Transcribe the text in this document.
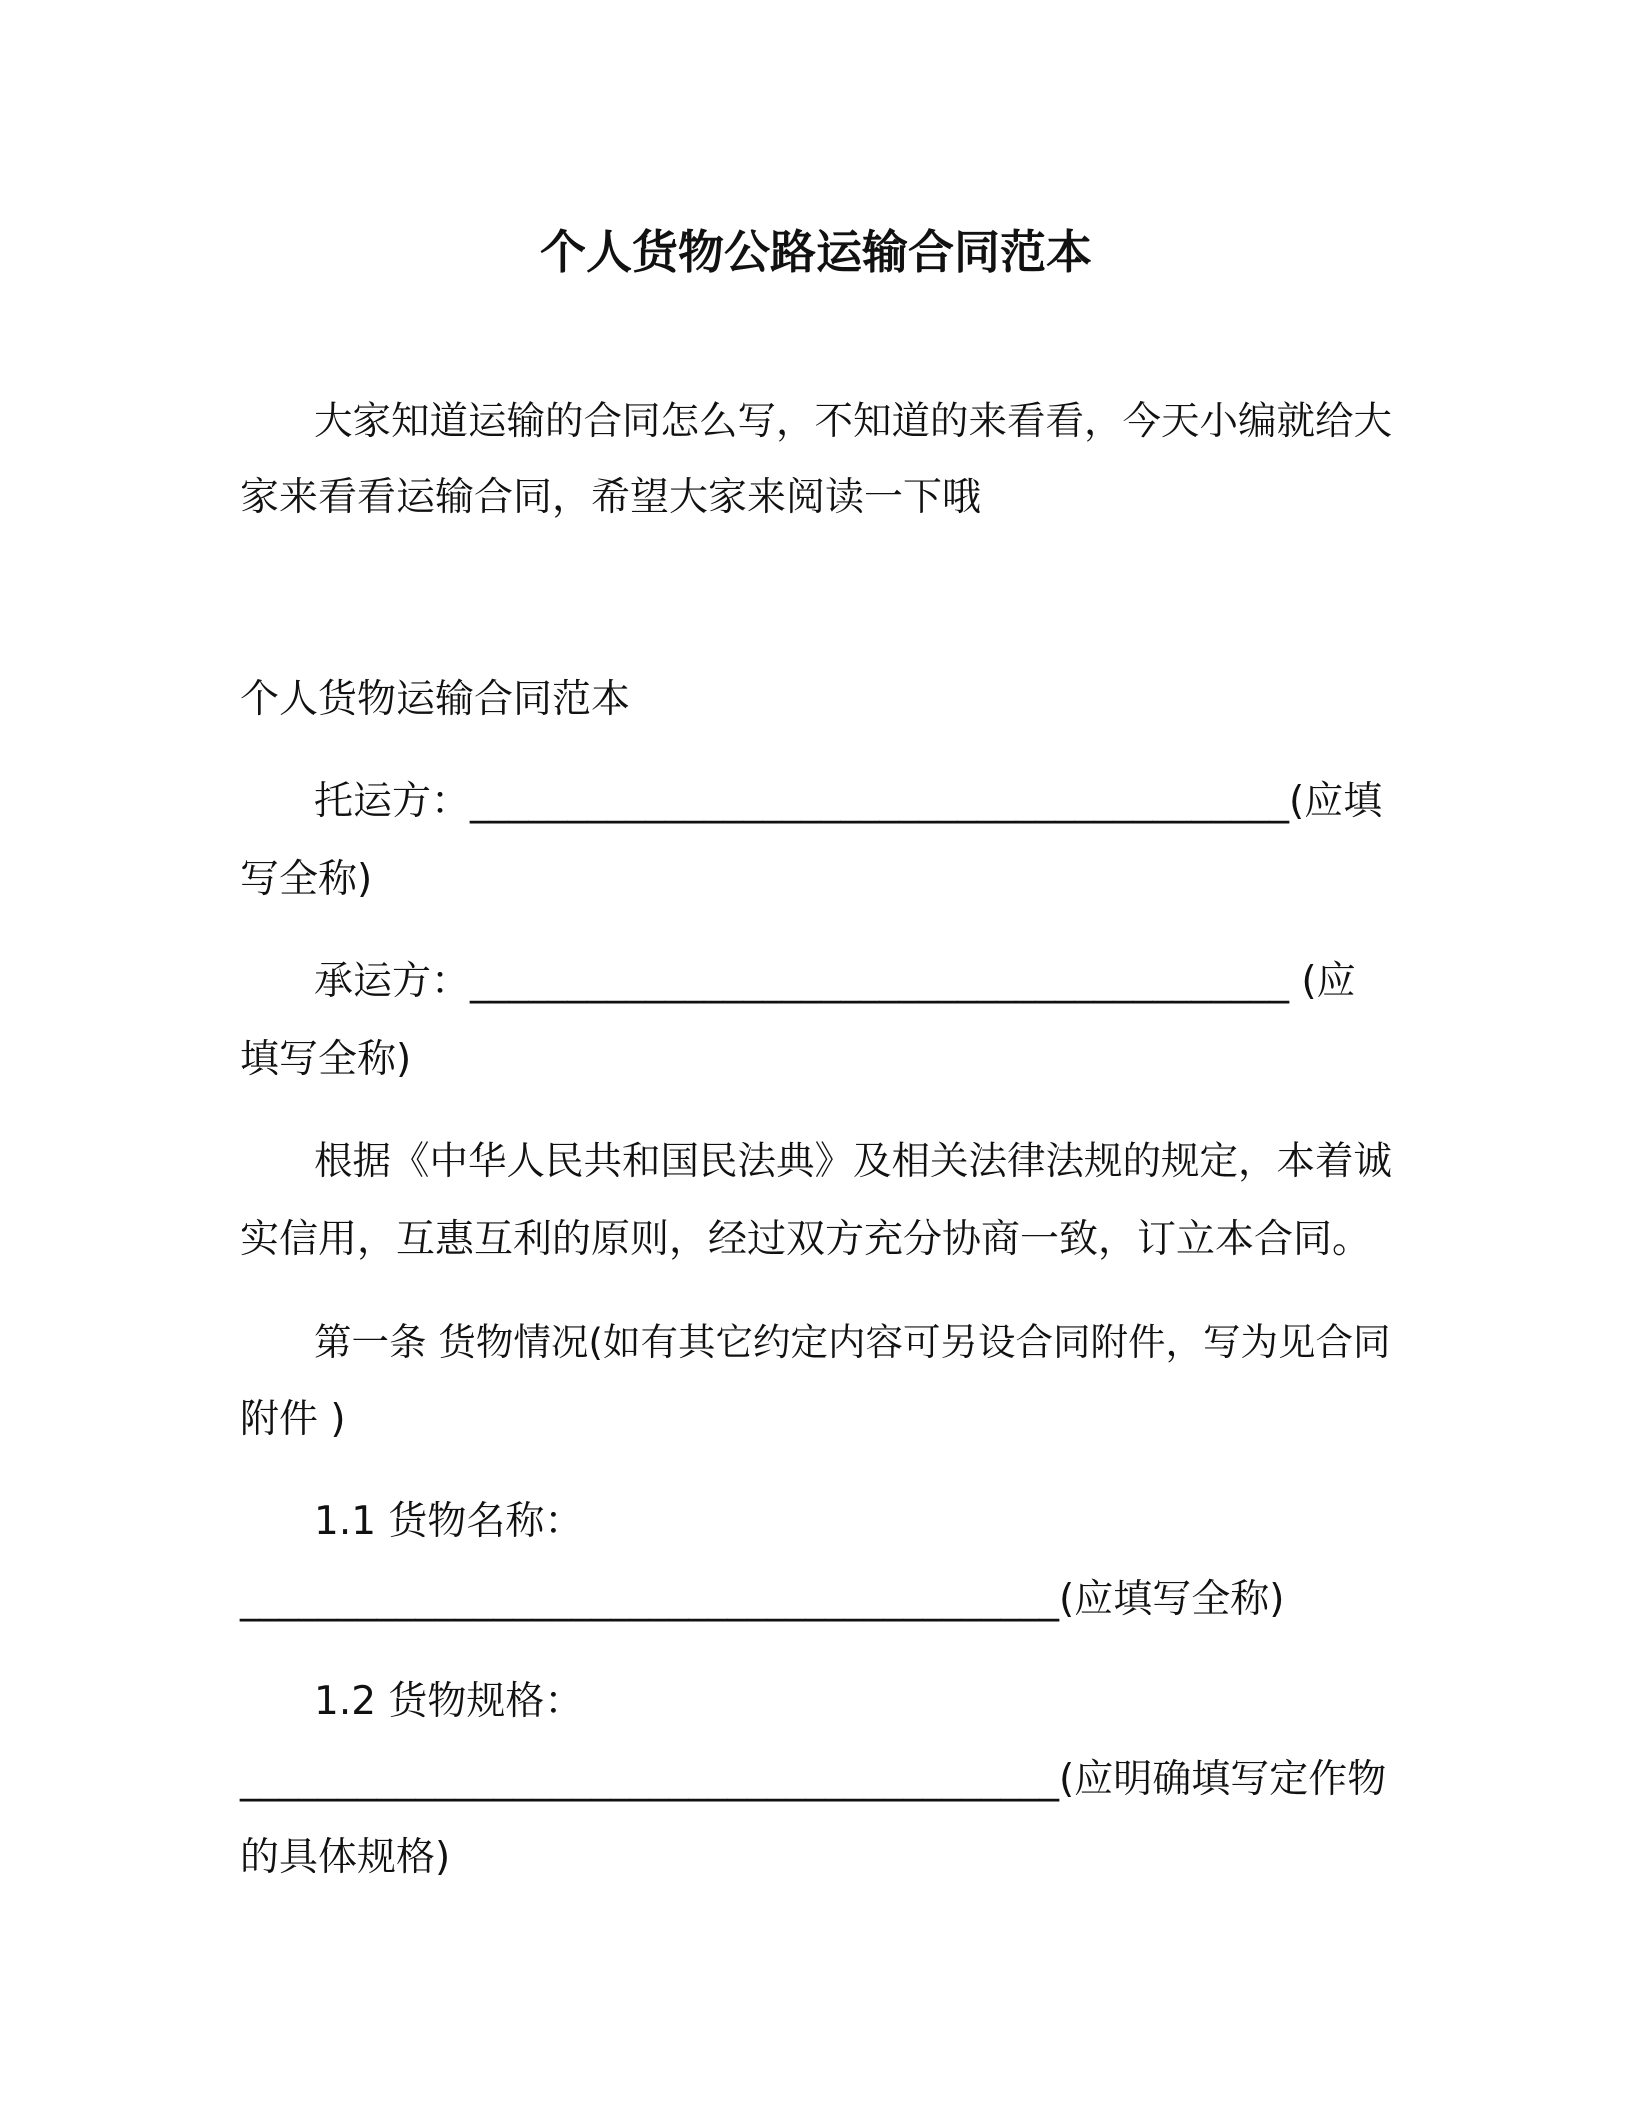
个人货物公路运输合同范本
大家知道运输的合同怎么写，不知道的来看看，今天小编就给大
家来看看运输合同，希望大家来阅读一下哦
个人货物运输合同范本
托运方：__________________________________________(应填
写全称)
承运方：__________________________________________ (应
填写全称)
根据《中华人民共和国民法典》及相关法律法规的规定，本着诚
实信用，互惠互利的原则，经过双方充分协商一致，订立本合同。
第一条 货物情况(如有其它约定内容可另设合同附件，写为见合同
附件 )
1.1 货物名称：
__________________________________________(应填写全称)
1.2 货物规格：
__________________________________________(应明确填写定作物
的具体规格)
